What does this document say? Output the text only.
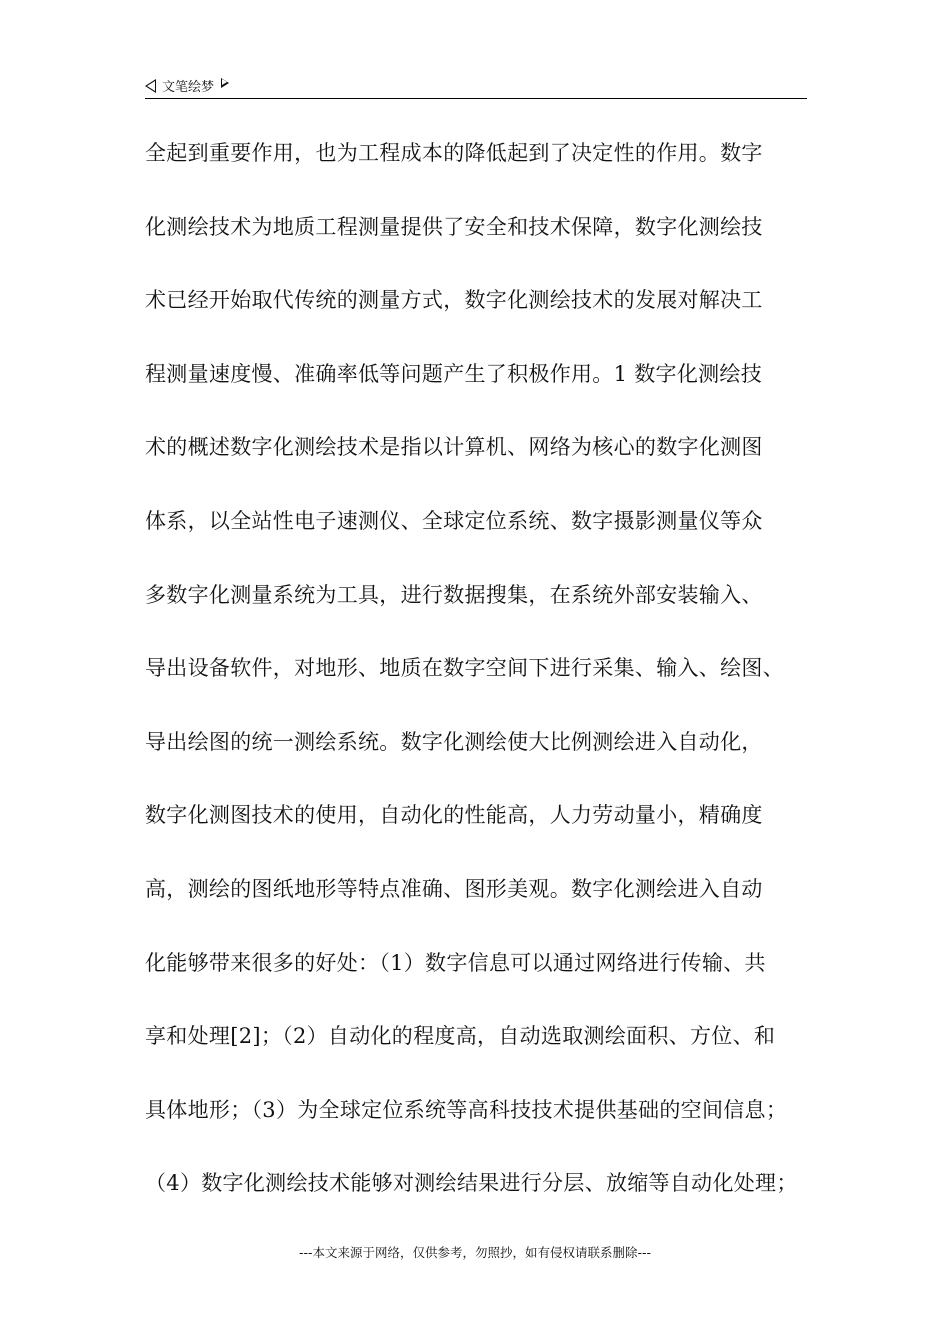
文笔绘梦
全起到重要作用，也为工程成本的降低起到了决定性的作用。数字
化测绘技术为地质工程测量提供了安全和技术保障，数字化测绘技
术已经开始取代传统的测量方式，数字化测绘技术的发展对解决工
程测量速度慢、准确率低等问题产生了积极作用。1 数字化测绘技
术的概述数字化测绘技术是指以计算机、网络为核心的数字化测图
体系，以全站性电子速测仪、全球定位系统、数字摄影测量仪等众
多数字化测量系统为工具，进行数据搜集，在系统外部安装输入、
导出设备软件，对地形、地质在数字空间下进行采集、输入、绘图、
导出绘图的统一测绘系统。数字化测绘使大比例测绘进入自动化，
数字化测图技术的使用，自动化的性能高，人力劳动量小，精确度
高，测绘的图纸地形等特点准确、图形美观。数字化测绘进入自动
化能够带来很多的好处：（1）数字信息可以通过网络进行传输、共
享和处理[2]；（2）自动化的程度高，自动选取测绘面积、方位、和
具体地形；（3）为全球定位系统等高科技技术提供基础的空间信息；
（4）数字化测绘技术能够对测绘结果进行分层、放缩等自动化处理；
---本文来源于网络，仅供参考，勿照抄，如有侵权请联系删除---
